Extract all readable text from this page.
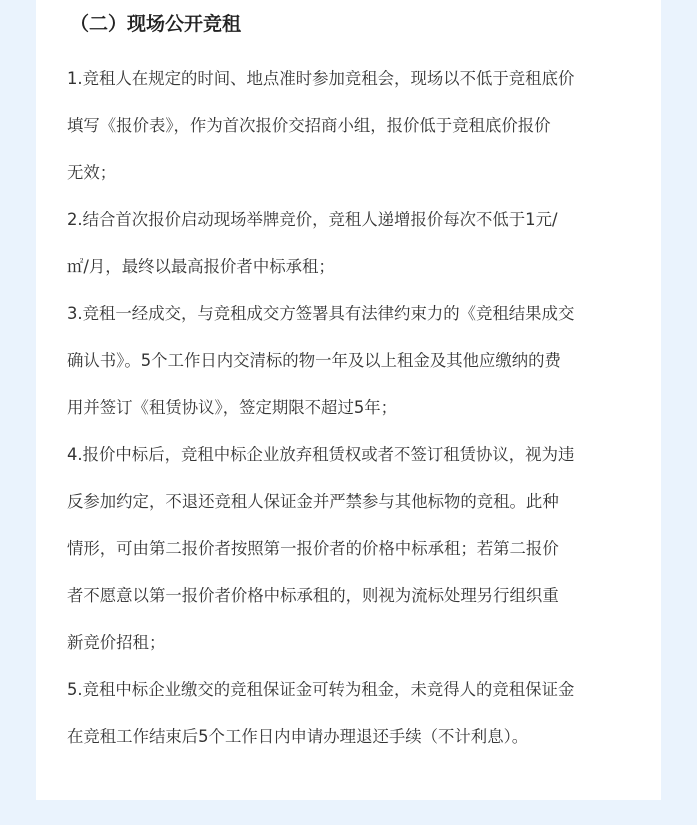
（二）现场公开竞租
1.竞租人在规定的时间、地点准时参加竞租会，现场以不低于竞租底价
填写《报价表》，作为首次报价交招商小组，报价低于竞租底价报价
无效；
2.结合首次报价启动现场举牌竞价，竞租人递增报价每次不低于1元/
㎡/月，最终以最高报价者中标承租；
3.竞租一经成交，与竞租成交方签署具有法律约束力的《竞租结果成交
确认书》。5个工作日内交清标的物一年及以上租金及其他应缴纳的费
用并签订《租赁协议》，签定期限不超过5年；
4.报价中标后，竞租中标企业放弃租赁权或者不签订租赁协议，视为违
反参加约定，不退还竞租人保证金并严禁参与其他标物的竞租。此种
情形，可由第二报价者按照第一报价者的价格中标承租；若第二报价
者不愿意以第一报价者价格中标承租的，则视为流标处理另行组织重
新竞价招租；
5.竞租中标企业缴交的竞租保证金可转为租金，未竞得人的竞租保证金
在竞租工作结束后5个工作日内申请办理退还手续（不计利息）。
